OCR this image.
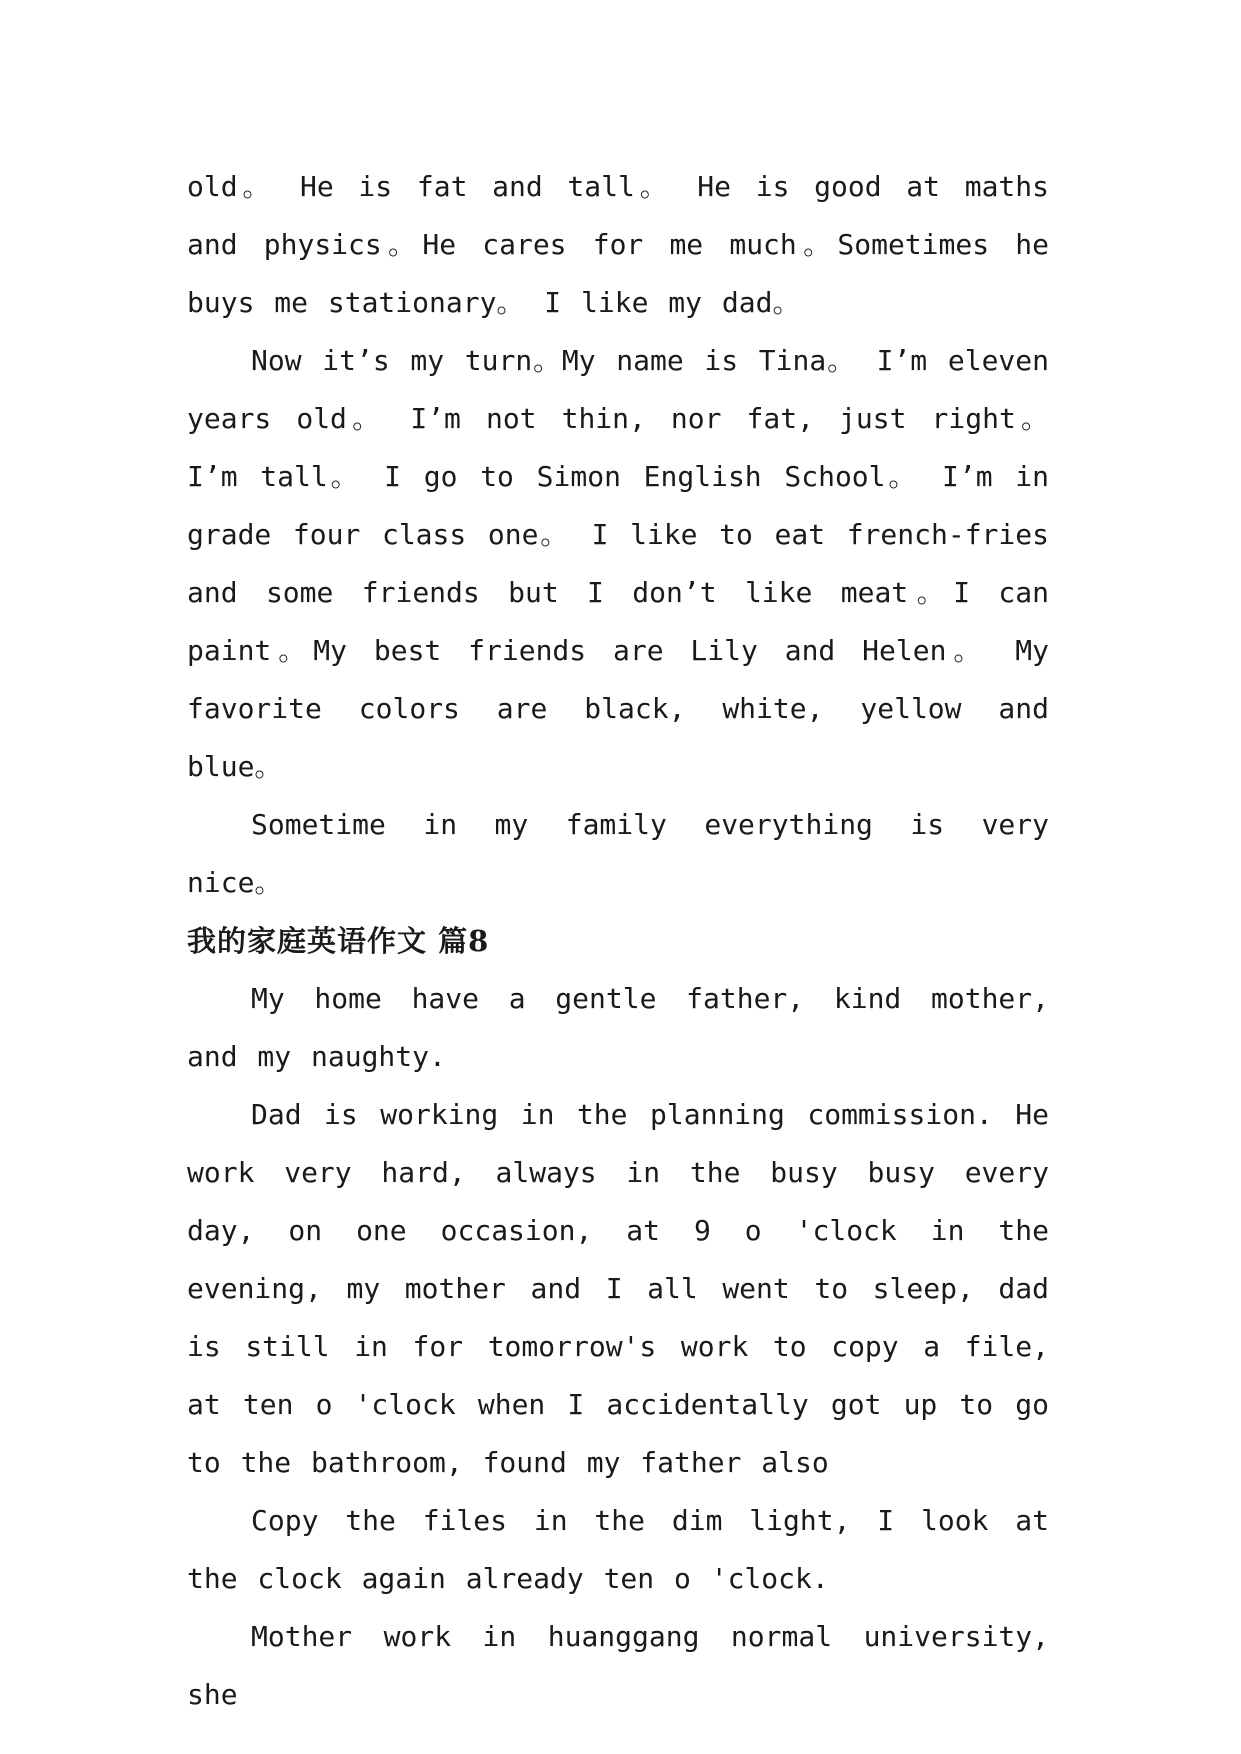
old。 He is fat and tall。 He is good at maths and physics。He cares for me much。Sometimes he buys me stationary。 I like my dad。

Now it’s my turn。My name is Tina。 I’m eleven years old。 I’m not thin, nor fat, just right。 I’m tall。 I go to Simon English School。 I’m in grade four class one。 I like to eat french-fries and some friends but I don’t like meat。I can paint。My best friends are Lily and Helen。 My favorite colors are black, white, yellow and blue。

Sometime in my family everything is very nice。

我的家庭英语作文 篇8

My home have a gentle father, kind mother, and my naughty.

Dad is working in the planning commission. He work very hard, always in the busy busy every day, on one occasion, at 9 o 'clock in the evening, my mother and I all went to sleep, dad is still in for tomorrow's work to copy a file, at ten o 'clock when I accidentally got up to go to the bathroom, found my father also

Copy the files in the dim light, I look at the clock again already ten o 'clock.

Mother work in huanggang normal university, she
